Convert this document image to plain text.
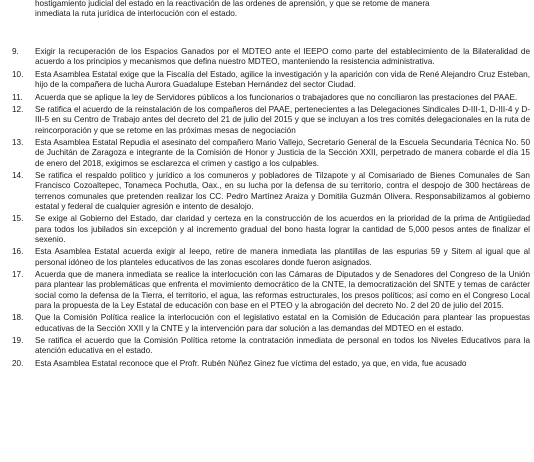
hostigamiento judicial del estado en la reactivación de las ordenes de aprensión, y que se retome de manera
inmediata la ruta jurídica de interlocución con el estado.
9.	Exigir la recuperación de los Espacios Ganados por el MDTEO ante el IEEPO como parte del establecimiento de la Bilateralidad de acuerdo a los principios y mecanismos que defina nuestro MDTEO, manteniendo la resistencia administrativa.
10.	Esta Asamblea Estatal exige que la Fiscalía del Estado, agilice la investigación y la aparición con vida de René Alejandro Cruz Esteban, hijo de la compañera de lucha Aurora Guadalupe Esteban Hernández del sector Ciudad.
11.	Acuerda que se aplique la ley de Servidores públicos a los funcionarios o trabajadores que no conciliaron las prestaciones del PAAE.
12.	Se ratifica el acuerdo de la reinstalación de los compañeros del PAAE, pertenecientes a las Delegaciones Sindicales D-III-1, D-III-4 y D-III-5 en su Centro de Trabajo antes del decreto del 21 de julio del 2015 y que se incluyan a los tres comités delegacionales en la ruta de reincorporación y que se retome en las próximas mesas de negociación
13.	Esta Asamblea Estatal Repudia el asesinato del compañero Mario Vallejo, Secretario General de la Escuela Secundaria Técnica No. 50 de Juchitán de Zaragoza e integrante de la Comisión de Honor y Justicia de la Sección XXII, perpetrado de manera cobarde el día 15 de enero del 2018, exigimos se esclarezca el crimen y castigo a los culpables.
14.	Se ratifica el respaldo político y jurídico a los comuneros y pobladores de Tilzapote y al Comisariado de Bienes Comunales de San Francisco Cozoaltepec, Tonameca Pochutla, Oax., en su lucha por la defensa de su territorio, contra el despojo de 300 hectáreas de terrenos comunales que pretenden realizar los CC. Pedro Martínez Araiza y Domitila Guzmán Olivera. Responsabilizamos al gobierno estatal y federal de cualquier agresión e intento de desalojo.
15.	Se exige al Gobierno del Estado, dar claridad y certeza en la construcción de los acuerdos en la prioridad de la prima de Antigüedad para todos los jubilados sin excepción y al incremento gradual del bono hasta lograr la cantidad de 5,000 pesos antes de finalizar el sexenio.
16.	Esta Asamblea Estatal acuerda exigir al Ieepo, retire de manera inmediata las plantillas de las espurias 59 y Sitem al igual que al personal idóneo de los planteles educativos de las zonas escolares donde fueron asignados.
17.	Acuerda que de manera inmediata se realice la interlocución con las Cámaras de Diputados y de Senadores del Congreso de la Unión para plantear las problemáticas que enfrenta el movimiento democrático de la CNTE, la democratización del SNTE y temas de carácter social como la defensa de la Tierra, el territorio, el agua, las reformas estructurales, los presos políticos; así como en el Congreso Local para la propuesta de la Ley Estatal de educación con base en el PTEO y la abrogación del decreto No. 2 del 20 de julio del 2015.
18.	Que la Comisión Política realice la interlocución con el legislativo estatal en la Comisión de Educación para plantear las propuestas educativas de la Sección XXII y la CNTE y la intervención para dar solución a las demandas del MDTEO en el estado.
19.	Se ratifica el acuerdo que la Comisión Política retome la contratación inmediata de personal en todos los Niveles Educativos para la atención educativa en el estado.
20.	Esta Asamblea Estatal reconoce que el Profr. Rubén Núñez Ginez fue víctima del estado, ya que, en vida, fue acusado
